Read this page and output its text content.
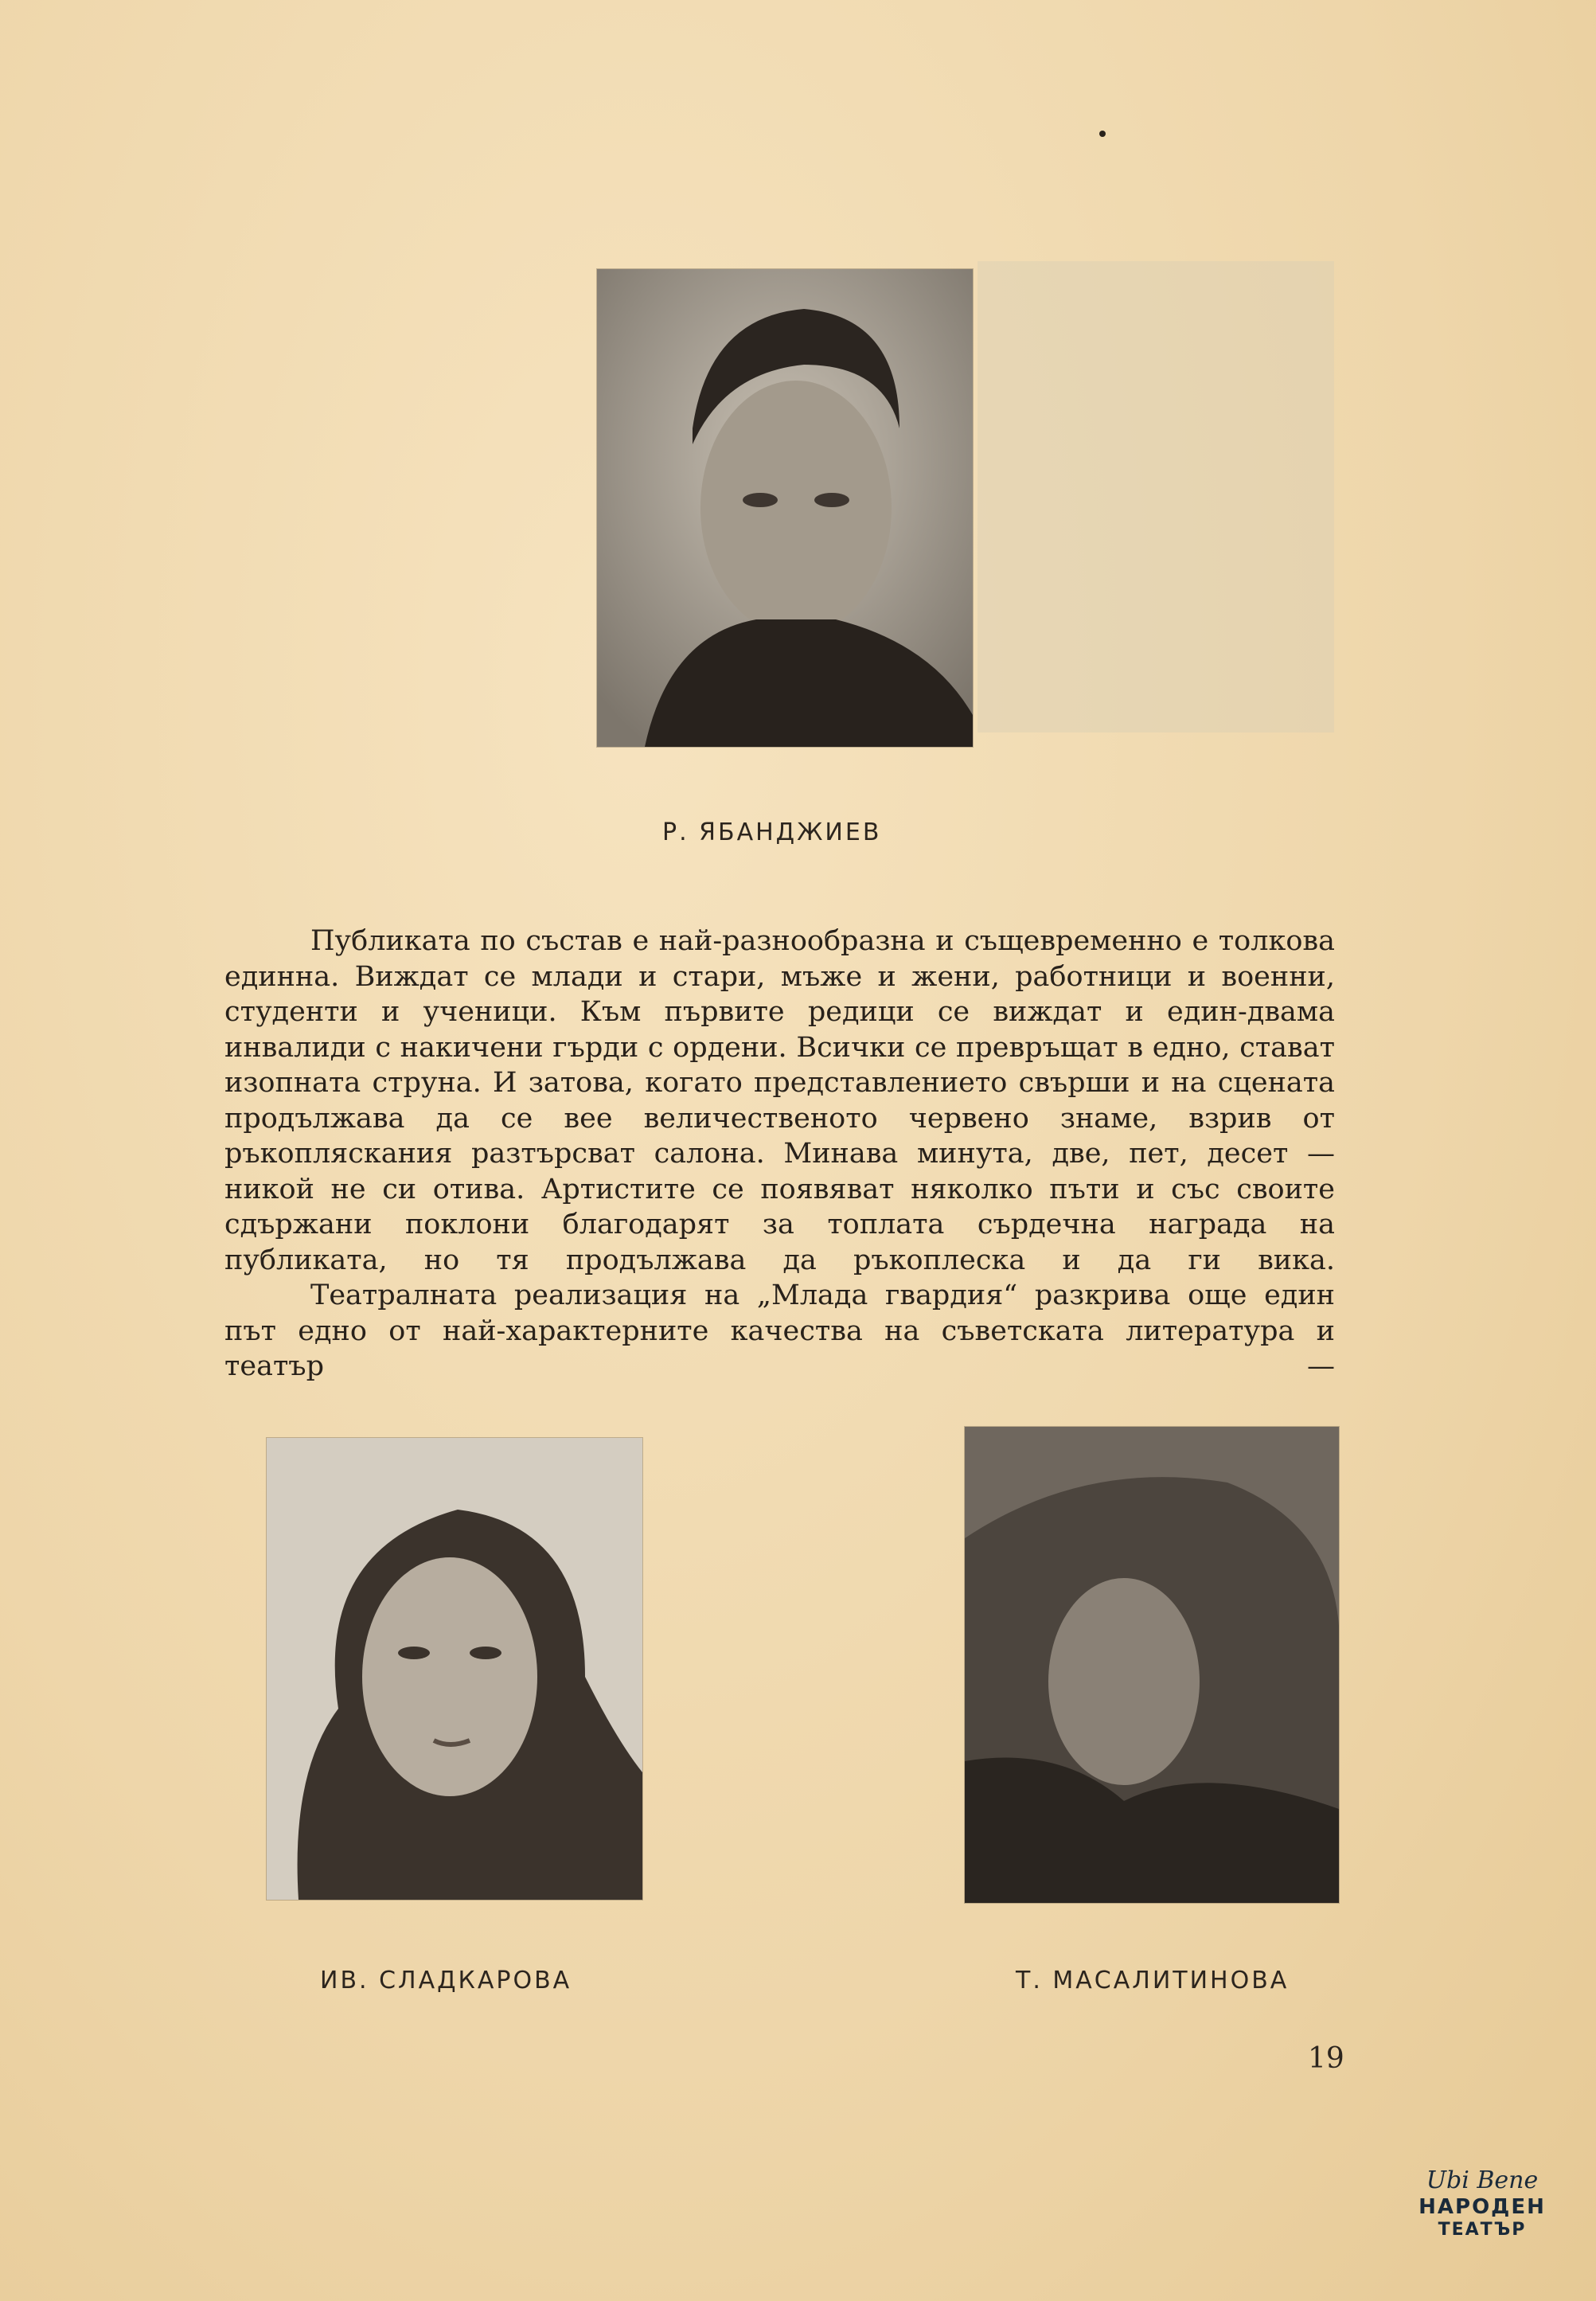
Р. ЯБАНДЖИЕВ

Публиката по състав е най-разнообразна и същевременно е толкова единна. Виждат се млади и стари, мъже и жени, работници и военни, студенти и ученици. Към първите редици се виждат и един-двама инвалиди с накичени гърди с ордени. Всички се превръщат в едно, стават изопната струна. И затова, когато представлението свърши и на сцената продължава да се вее величественото червено знаме, взрив от ръкопляскания разтърсват салона. Минава минута, две, пет, десет — никой не си отива. Артистите се появяват няколко пъти и със своите сдържани поклони благодарят за топлата сърдечна награда на публиката, но тя продължава да ръкоплеска и да ги вика.

Театралната реализация на „Млада гвардия“ разкрива още един път едно от най-характерните качества на съветската литература и театър —

ИВ. СЛАДКАРОВА	Т. МАСАЛИТИНОВА
19
Ubi Bene
НАРОДЕН
ТЕАТЪР
